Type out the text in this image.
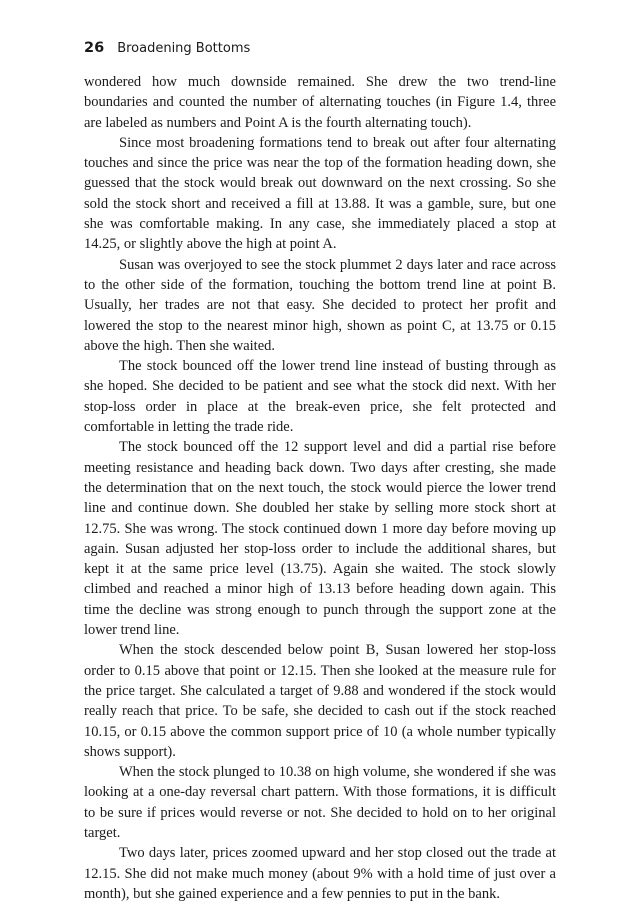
26 Broadening Bottoms

wondered how much downside remained. She drew the two trend-line boundaries and counted the number of alternating touches (in Figure 1.4, three are labeled as numbers and Point A is the fourth alternating touch).

Since most broadening formations tend to break out after four alternating touches and since the price was near the top of the formation heading down, she guessed that the stock would break out downward on the next crossing. So she sold the stock short and received a fill at 13.88. It was a gamble, sure, but one she was comfortable making. In any case, she immediately placed a stop at 14.25, or slightly above the high at point A.

Susan was overjoyed to see the stock plummet 2 days later and race across to the other side of the formation, touching the bottom trend line at point B. Usually, her trades are not that easy. She decided to protect her profit and lowered the stop to the nearest minor high, shown as point C, at 13.75 or 0.15 above the high. Then she waited.

The stock bounced off the lower trend line instead of busting through as she hoped. She decided to be patient and see what the stock did next. With her stop-loss order in place at the break-even price, she felt protected and comfortable in letting the trade ride.

The stock bounced off the 12 support level and did a partial rise before meeting resistance and heading back down. Two days after cresting, she made the determination that on the next touch, the stock would pierce the lower trend line and continue down. She doubled her stake by selling more stock short at 12.75. She was wrong. The stock continued down 1 more day before moving up again. Susan adjusted her stop-loss order to include the additional shares, but kept it at the same price level (13.75). Again she waited. The stock slowly climbed and reached a minor high of 13.13 before heading down again. This time the decline was strong enough to punch through the support zone at the lower trend line.

When the stock descended below point B, Susan lowered her stop-loss order to 0.15 above that point or 12.15. Then she looked at the measure rule for the price target. She calculated a target of 9.88 and wondered if the stock would really reach that price. To be safe, she decided to cash out if the stock reached 10.15, or 0.15 above the common support price of 10 (a whole number typically shows support).

When the stock plunged to 10.38 on high volume, she wondered if she was looking at a one-day reversal chart pattern. With those formations, it is difficult to be sure if prices would reverse or not. She decided to hold on to her original target.

Two days later, prices zoomed upward and her stop closed out the trade at 12.15. She did not make much money (about 9% with a hold time of just over a month), but she gained experience and a few pennies to put in the bank.
